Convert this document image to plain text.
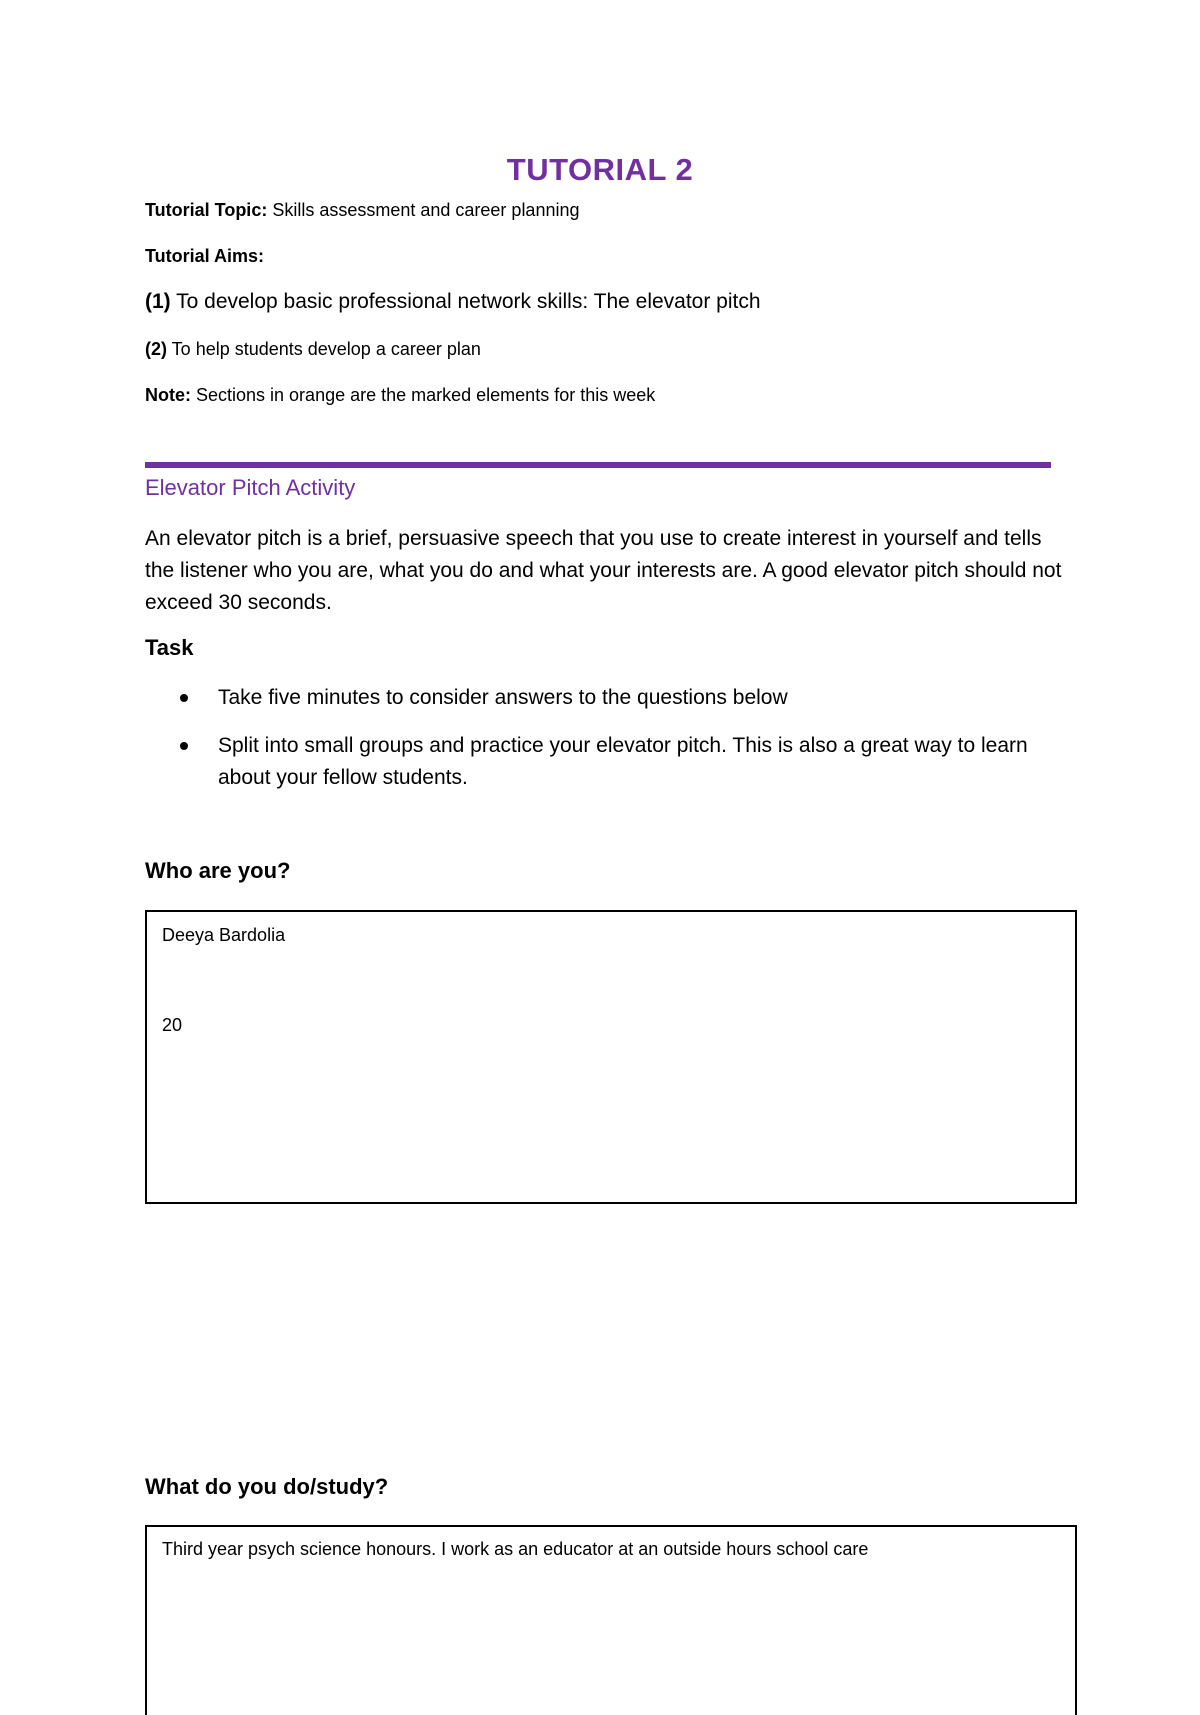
TUTORIAL 2
Tutorial Topic: Skills assessment and career planning
Tutorial Aims:
(1) To develop basic professional network skills: The elevator pitch
(2) To help students develop a career plan
Note: Sections in orange are the marked elements for this week
Elevator Pitch Activity
An elevator pitch is a brief, persuasive speech that you use to create interest in yourself and tells the listener who you are, what you do and what your interests are. A good elevator pitch should not exceed 30 seconds.
Task
Take five minutes to consider answers to the questions below
Split into small groups and practice your elevator pitch. This is also a great way to learn about your fellow students.
Who are you?
Deeya Bardolia
20
What do you do/study?
Third year psych science honours. I work as an educator at an outside hours school care
